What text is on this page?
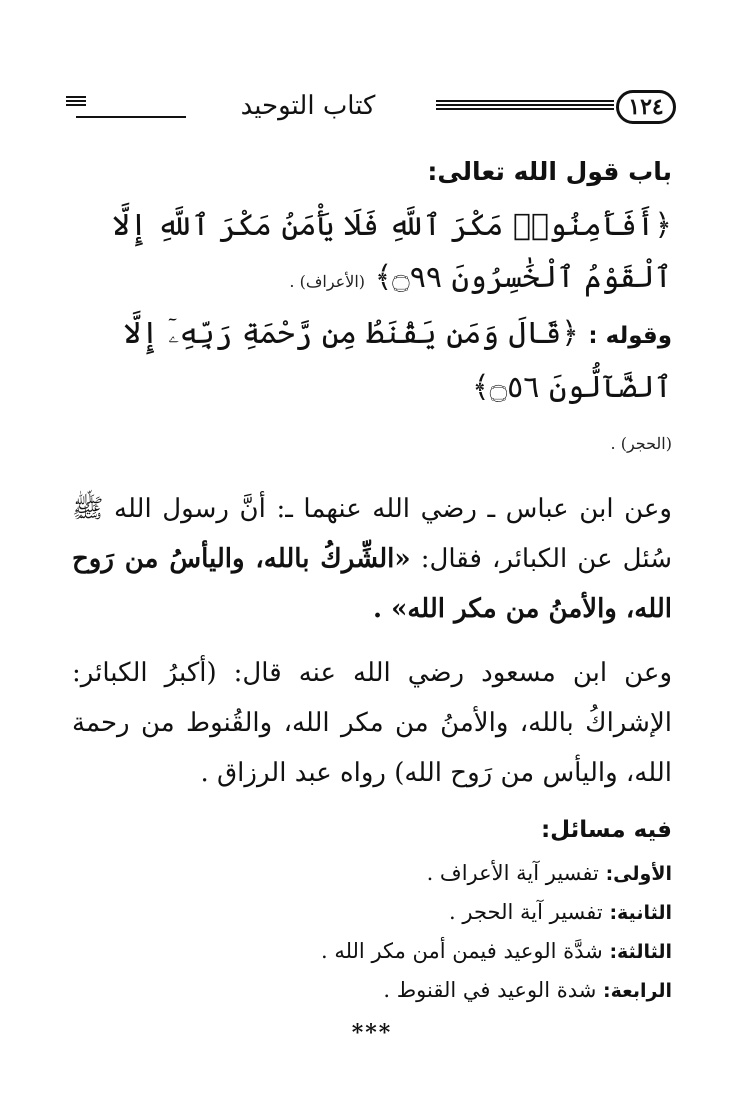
١٢٤
كتاب التوحيد
باب قول الله تعالى:

﴿أَفَأَمِنُوا۟ مَكْرَ ٱللَّهِ فَلَا يَأْمَنُ مَكْرَ ٱللَّهِ إِلَّا ٱلْقَوْمُ ٱلْخَٰسِرُونَ ۝٩٩﴾ (الأعراف) .

وقوله : ﴿قَالَ وَمَن يَقْنَطُ مِن رَّحْمَةِ رَبِّهِۦٓ إِلَّا ٱلضَّآلُّونَ ۝٥٦﴾
(الحجر) .

وعن ابن عباس ـ رضي الله عنهما ـ: أنَّ رسول الله ﷺ سُئل عن الكبائر، فقال: «الشِّركُ بالله، واليأسُ من رَوح الله، والأمنُ من مكر الله» .

وعن ابن مسعود رضي الله عنه قال: (أكبرُ الكبائر: الإشراكُ بالله، والأمنُ من مكر الله، والقُنوط من رحمة الله، واليأس من رَوح الله) رواه عبد الرزاق .

فيه مسائل:

الأولى: تفسير آية الأعراف .

الثانية: تفسير آية الحجر .

الثالثة: شدَّة الوعيد فيمن أمن مكر الله .

الرابعة: شدة الوعيد في القنوط .

***
